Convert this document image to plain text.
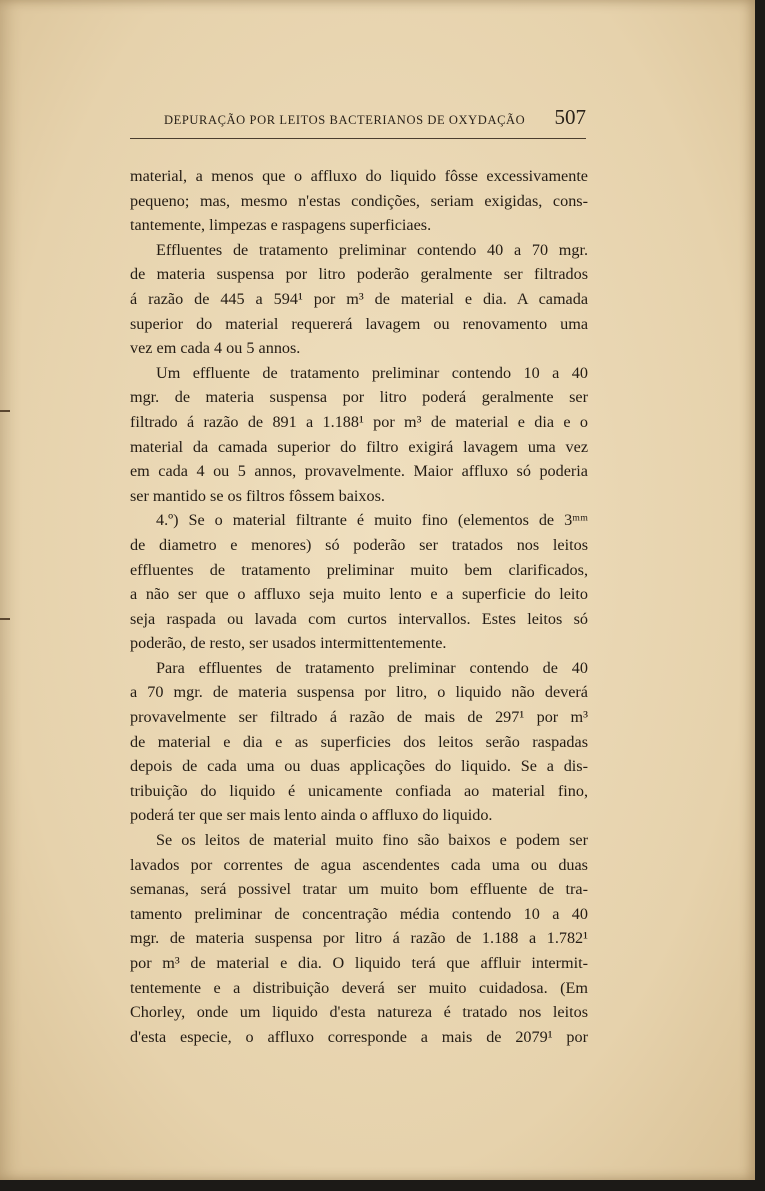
DEPURAÇÃO POR LEITOS BACTERIANOS DE OXYDAÇÃO 507
material, a menos que o affluxo do liquido fôsse excessivamente
pequeno; mas, mesmo n'estas condições, seriam exigidas, cons-
tantemente, limpezas e raspagens superficiaes.
Effluentes de tratamento preliminar contendo 40 a 70 mgr.
de materia suspensa por litro poderão geralmente ser filtrados
á razão de 445 a 594¹ por m³ de material e dia. A camada
superior do material requererá lavagem ou renovamento uma
vez em cada 4 ou 5 annos.
Um effluente de tratamento preliminar contendo 10 a 40
mgr. de materia suspensa por litro poderá geralmente ser
filtrado á razão de 891 a 1.188¹ por m³ de material e dia e o
material da camada superior do filtro exigirá lavagem uma vez
em cada 4 ou 5 annos, provavelmente. Maior affluxo só poderia
ser mantido se os filtros fôssem baixos.
4.º) Se o material filtrante é muito fino (elementos de 3ᵐᵐ
de diametro e menores) só poderão ser tratados nos leitos
effluentes de tratamento preliminar muito bem clarificados,
a não ser que o affluxo seja muito lento e a superficie do leito
seja raspada ou lavada com curtos intervallos. Estes leitos só
poderão, de resto, ser usados intermittentemente.
Para effluentes de tratamento preliminar contendo de 40
a 70 mgr. de materia suspensa por litro, o liquido não deverá
provavelmente ser filtrado á razão de mais de 297¹ por m³
de material e dia e as superficies dos leitos serão raspadas
depois de cada uma ou duas applicações do liquido. Se a dis-
tribuição do liquido é unicamente confiada ao material fino,
poderá ter que ser mais lento ainda o affluxo do liquido.
Se os leitos de material muito fino são baixos e podem ser
lavados por correntes de agua ascendentes cada uma ou duas
semanas, será possivel tratar um muito bom effluente de tra-
tamento preliminar de concentração média contendo 10 a 40
mgr. de materia suspensa por litro á razão de 1.188 a 1.782¹
por m³ de material e dia. O liquido terá que affluir intermit-
tentemente e a distribuição deverá ser muito cuidadosa. (Em
Chorley, onde um liquido d'esta natureza é tratado nos leitos
d'esta especie, o affluxo corresponde a mais de 2079¹ por
